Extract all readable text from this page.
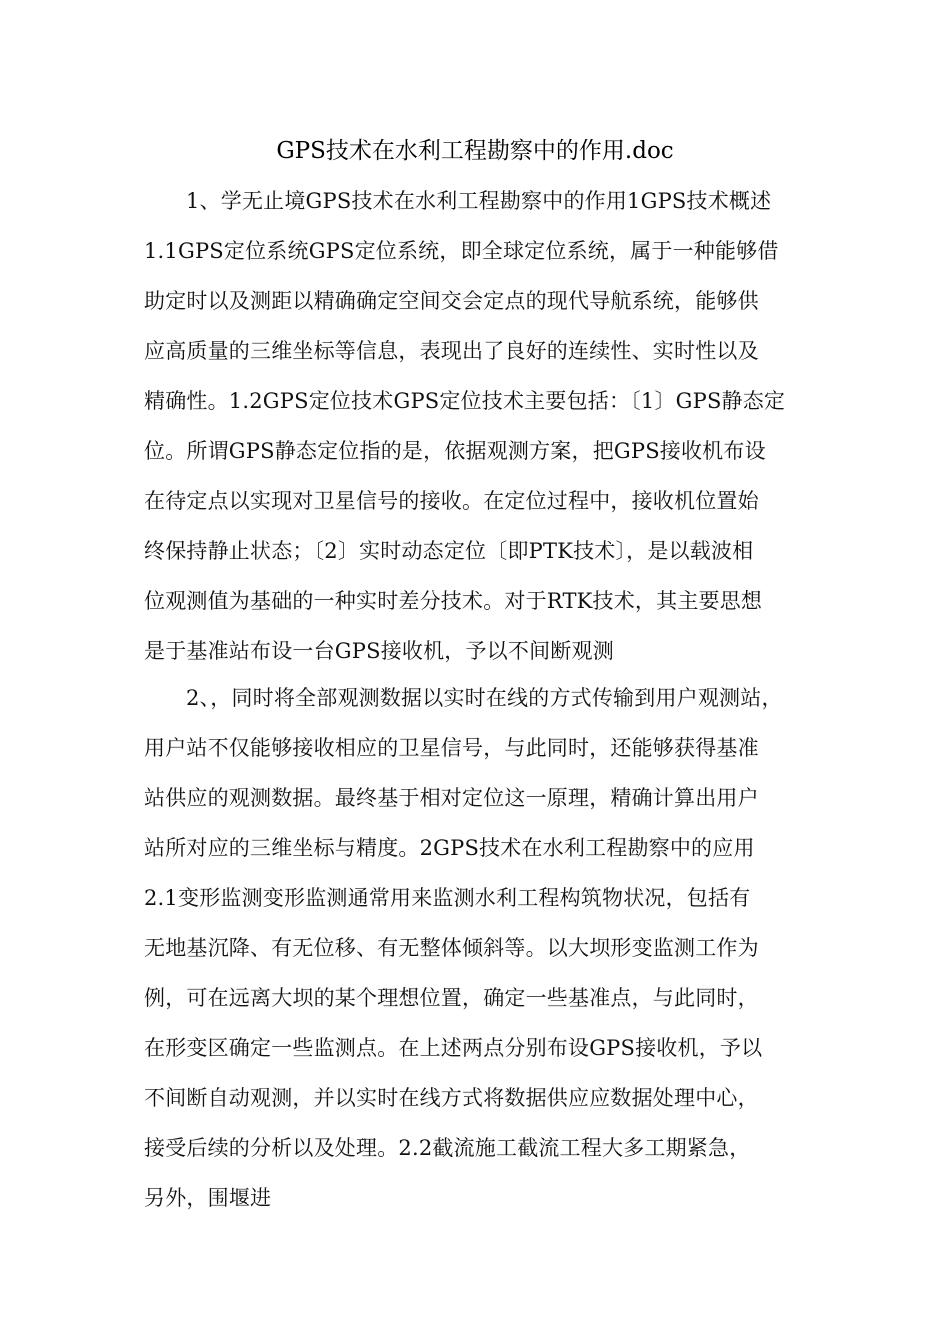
GPS技术在水利工程勘察中的作用.doc
1、学无止境GPS技术在水利工程勘察中的作用1GPS技术概述
1.1GPS定位系统GPS定位系统，即全球定位系统，属于一种能够借
助定时以及测距以精确确定空间交会定点的现代导航系统，能够供
应高质量的三维坐标等信息，表现出了良好的连续性、实时性以及
精确性。1.2GPS定位技术GPS定位技术主要包括：〔1〕GPS静态定
位。所谓GPS静态定位指的是，依据观测方案，把GPS接收机布设
在待定点以实现对卫星信号的接收。在定位过程中，接收机位置始
终保持静止状态；〔2〕实时动态定位〔即PTK技术〕，是以载波相
位观测值为基础的一种实时差分技术。对于RTK技术，其主要思想
是于基准站布设一台GPS接收机，予以不间断观测
2、，同时将全部观测数据以实时在线的方式传输到用户观测站，
用户站不仅能够接收相应的卫星信号，与此同时，还能够获得基准
站供应的观测数据。最终基于相对定位这一原理，精确计算出用户
站所对应的三维坐标与精度。2GPS技术在水利工程勘察中的应用
2.1变形监测变形监测通常用来监测水利工程构筑物状况，包括有
无地基沉降、有无位移、有无整体倾斜等。以大坝形变监测工作为
例，可在远离大坝的某个理想位置，确定一些基准点，与此同时，
在形变区确定一些监测点。在上述两点分别布设GPS接收机，予以
不间断自动观测，并以实时在线方式将数据供应应数据处理中心，
接受后续的分析以及处理。2.2截流施工截流工程大多工期紧急，
另外，围堰进
